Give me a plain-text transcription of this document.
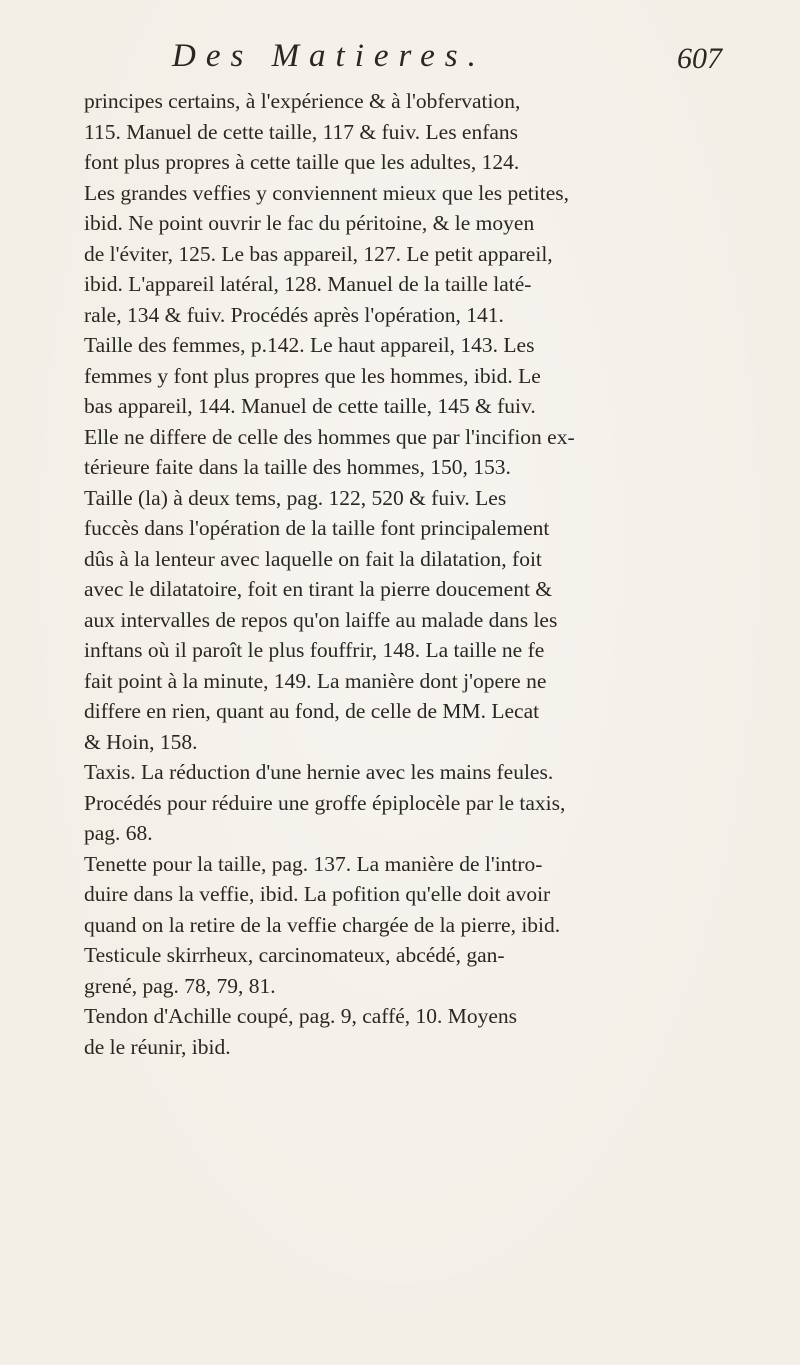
Des Matieres.	607
principes certains, à l'expérience & à l'obfervation,
115. Manuel de cette taille, 117 & fuiv. Les enfans
font plus propres à cette taille que les adultes, 124.
Les grandes veffies y conviennent mieux que les petites,
ibid. Ne point ouvrir le fac du péritoine, & le moyen
de l'éviter, 125. Le bas appareil, 127. Le petit appareil,
ibid. L'appareil latéral, 128. Manuel de la taille laté-
rale, 134 & fuiv. Procédés après l'opération, 141.
Taille des femmes, p.142. Le haut appareil, 143. Les
femmes y font plus propres que les hommes, ibid. Le
bas appareil, 144. Manuel de cette taille, 145 & fuiv.
Elle ne differe de celle des hommes que par l'incifion ex-
térieure faite dans la taille des hommes, 150, 153.
Taille (la) à deux tems, pag. 122, 520 & fuiv. Les
fuccès dans l'opération de la taille font principalement
dûs à la lenteur avec laquelle on fait la dilatation, foit
avec le dilatatoire, foit en tirant la pierre doucement &
aux intervalles de repos qu'on laiffe au malade dans les
inftans où il paroît le plus fouffrir, 148. La taille ne fe
fait point à la minute, 149. La manière dont j'opere ne
differe en rien, quant au fond, de celle de MM. Lecat
& Hoin, 158.
Taxis. La réduction d'une hernie avec les mains feules.
Procédés pour réduire une groffe épiplocèle par le taxis,
pag. 68.
Tenette pour la taille, pag. 137. La manière de l'intro-
duire dans la veffie, ibid. La pofition qu'elle doit avoir
quand on la retire de la veffie chargée de la pierre, ibid.
Testicule skirrheux, carcinomateux, abcédé, gan-
grené, pag. 78, 79, 81.
Tendon d'Achille coupé, pag. 9, caffé, 10. Moyens
de le réunir, ibid.
